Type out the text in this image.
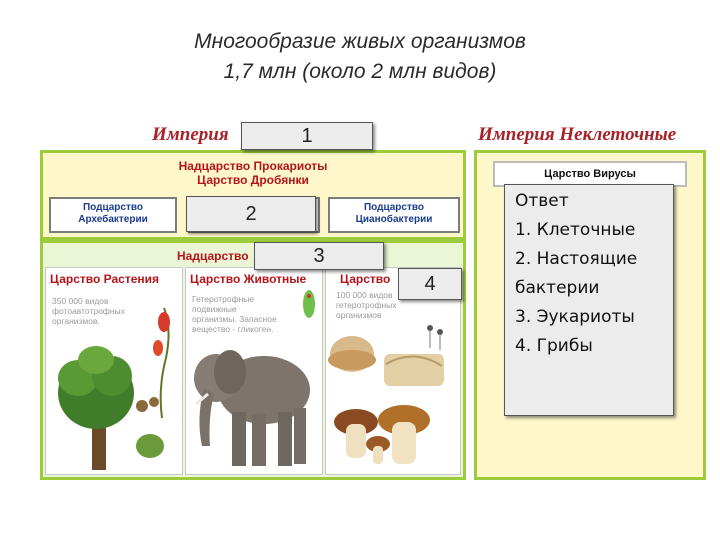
Многообразие живых организмов
1,7 млн (около 2 млн видов)
Империя	Империя Неклеточные
Надцарство Прокариоты
Царство Дробянки
Подцарство
Архебактерии
Подцарство
Цианобактерии
Надцарство
Царство Растения
350 000 видов
фотоавтотрофных
организмов.
Царство Животные
Гетеротрофные
подвижные
организмы. Запасное
вещество - гликоген.
Царство
100 000 видов
гетеротрофных
организмов
Царство Вирусы
Ответ
1. Клеточные
2. Настоящие
бактерии
3. Эукариоты
4. Грибы
1
2
3
4
